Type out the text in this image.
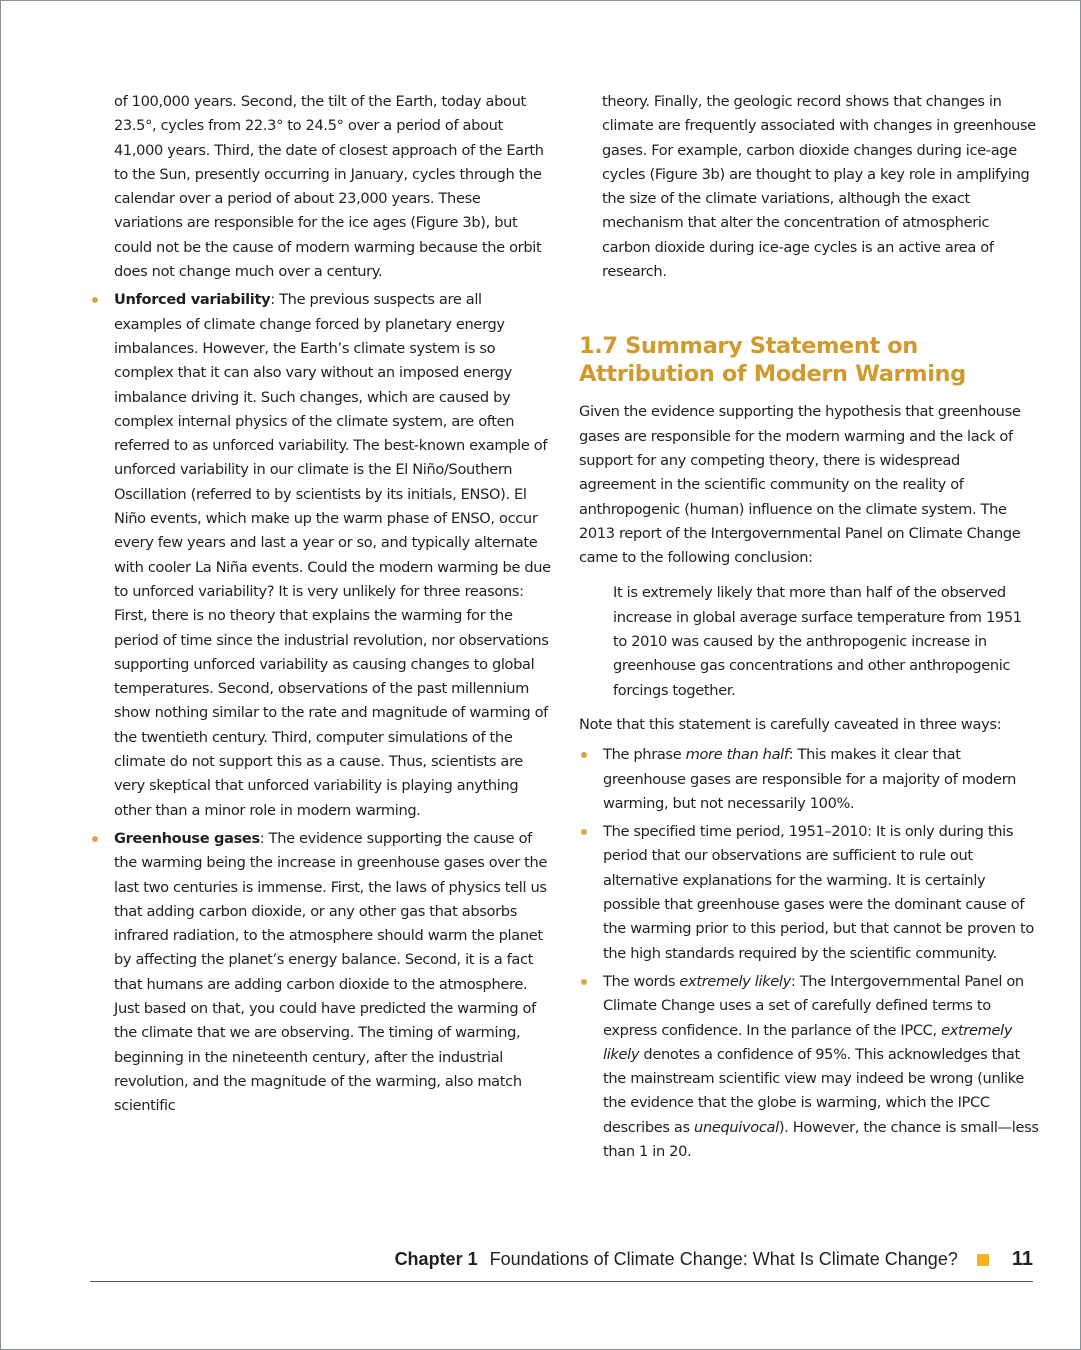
of 100,000 years. Second, the tilt of the Earth, today about 23.5°, cycles from 22.3° to 24.5° over a period of about 41,000 years. Third, the date of closest approach of the Earth to the Sun, presently occurring in January, cycles through the calendar over a period of about 23,000 years. These variations are responsible for the ice ages (Figure 3b), but could not be the cause of modern warming because the orbit does not change much over a century.

Unforced variability: The previous suspects are all examples of climate change forced by planetary energy imbalances. However, the Earth’s climate system is so complex that it can also vary without an imposed energy imbalance driving it. Such changes, which are caused by complex internal physics of the climate system, are often referred to as unforced variability. The best-known example of unforced variability in our climate is the El Niño/Southern Oscillation (referred to by scientists by its initials, ENSO). El Niño events, which make up the warm phase of ENSO, occur every few years and last a year or so, and typically alternate with cooler La Niña events. Could the modern warming be due to unforced variability? It is very unlikely for three reasons: First, there is no theory that explains the warming for the period of time since the industrial revolution, nor observations supporting unforced variability as causing changes to global temperatures. Second, observations of the past millennium show nothing similar to the rate and magnitude of warming of the twentieth century. Third, computer simulations of the climate do not support this as a cause. Thus, scientists are very skeptical that unforced variability is playing anything other than a minor role in modern warming.
Greenhouse gases: The evidence supporting the cause of the warming being the increase in greenhouse gases over the last two centuries is immense. First, the laws of physics tell us that adding carbon dioxide, or any other gas that absorbs infrared radiation, to the atmosphere should warm the planet by affecting the planet’s energy balance. Second, it is a fact that humans are adding carbon dioxide to the atmosphere. Just based on that, you could have predicted the warming of the climate that we are observing. The timing of warming, beginning in the nineteenth century, after the industrial revolution, and the magnitude of the warming, also match scientific

theory. Finally, the geologic record shows that changes in climate are frequently associated with changes in greenhouse gases. For example, carbon dioxide changes during ice-age cycles (Figure 3b) are thought to play a key role in amplifying the size of the climate variations, although the exact mechanism that alter the concentration of atmospheric carbon dioxide during ice-age cycles is an active area of research.

1.7 Summary Statement on Attribution of Modern Warming

Given the evidence supporting the hypothesis that greenhouse gases are responsible for the modern warming and the lack of support for any competing theory, there is widespread agreement in the scientific community on the reality of anthropogenic (human) influence on the climate system. The 2013 report of the Intergovernmental Panel on Climate Change came to the following conclusion:

It is extremely likely that more than half of the observed increase in global average surface temperature from 1951 to 2010 was caused by the anthropogenic increase in greenhouse gas concentrations and other anthropogenic forcings together.

Note that this statement is carefully caveated in three ways:

The phrase more than half: This makes it clear that greenhouse gases are responsible for a majority of modern warming, but not necessarily 100%.
The specified time period, 1951–2010: It is only during this period that our observations are sufficient to rule out alternative explanations for the warming. It is certainly possible that greenhouse gases were the dominant cause of the warming prior to this period, but that cannot be proven to the high standards required by the scientific community.
The words extremely likely: The Intergovernmental Panel on Climate Change uses a set of carefully defined terms to express confidence. In the parlance of the IPCC, extremely likely denotes a confidence of 95%. This acknowledges that the mainstream scientific view may indeed be wrong (unlike the evidence that the globe is warming, which the IPCC describes as unequivocal). However, the chance is small—less than 1 in 20.
Chapter 1 Foundations of Climate Change: What Is Climate Change?	11
